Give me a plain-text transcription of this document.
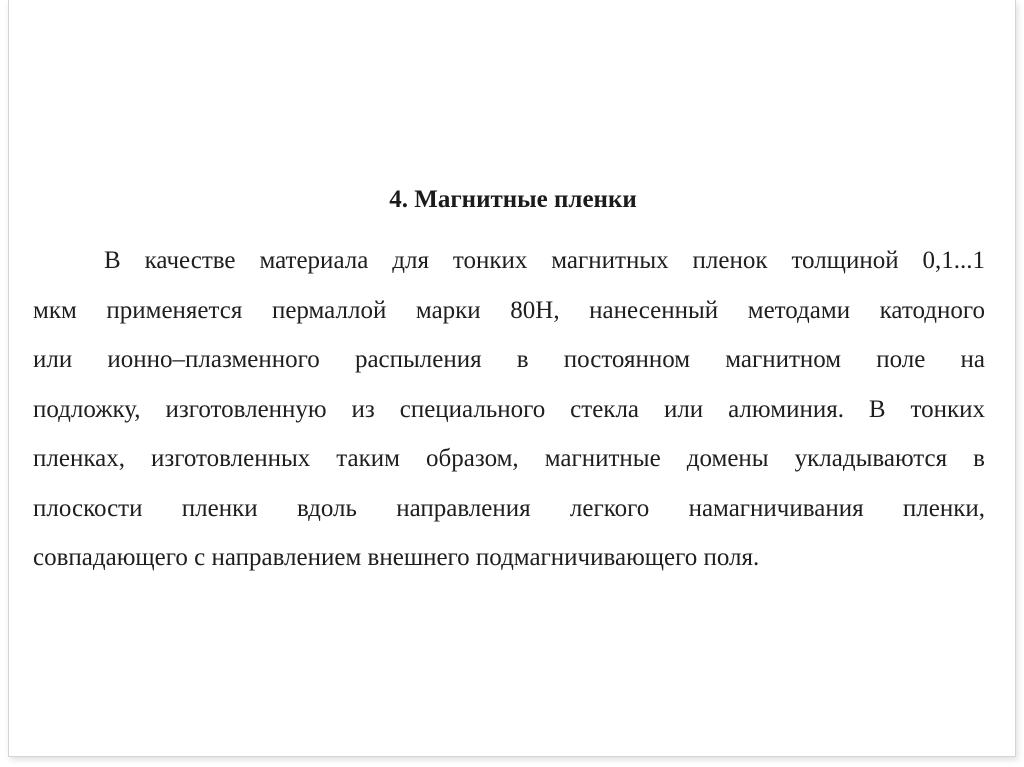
4. Магнитные пленки

В качестве материала для тонких магнитных пленок толщиной 0,1...1
мкм применяется пермаллой марки 80Н, нанесенный методами катодного
или ионно–плазменного распыления в постоянном магнитном поле на
подложку, изготовленную из специального стекла или алюминия. В тонких
пленках, изготовленных таким образом, магнитные домены укладываются в
плоскости пленки вдоль направления легкого намагничивания пленки,
совпадающего с направлением внешнего подмагничивающего поля.
